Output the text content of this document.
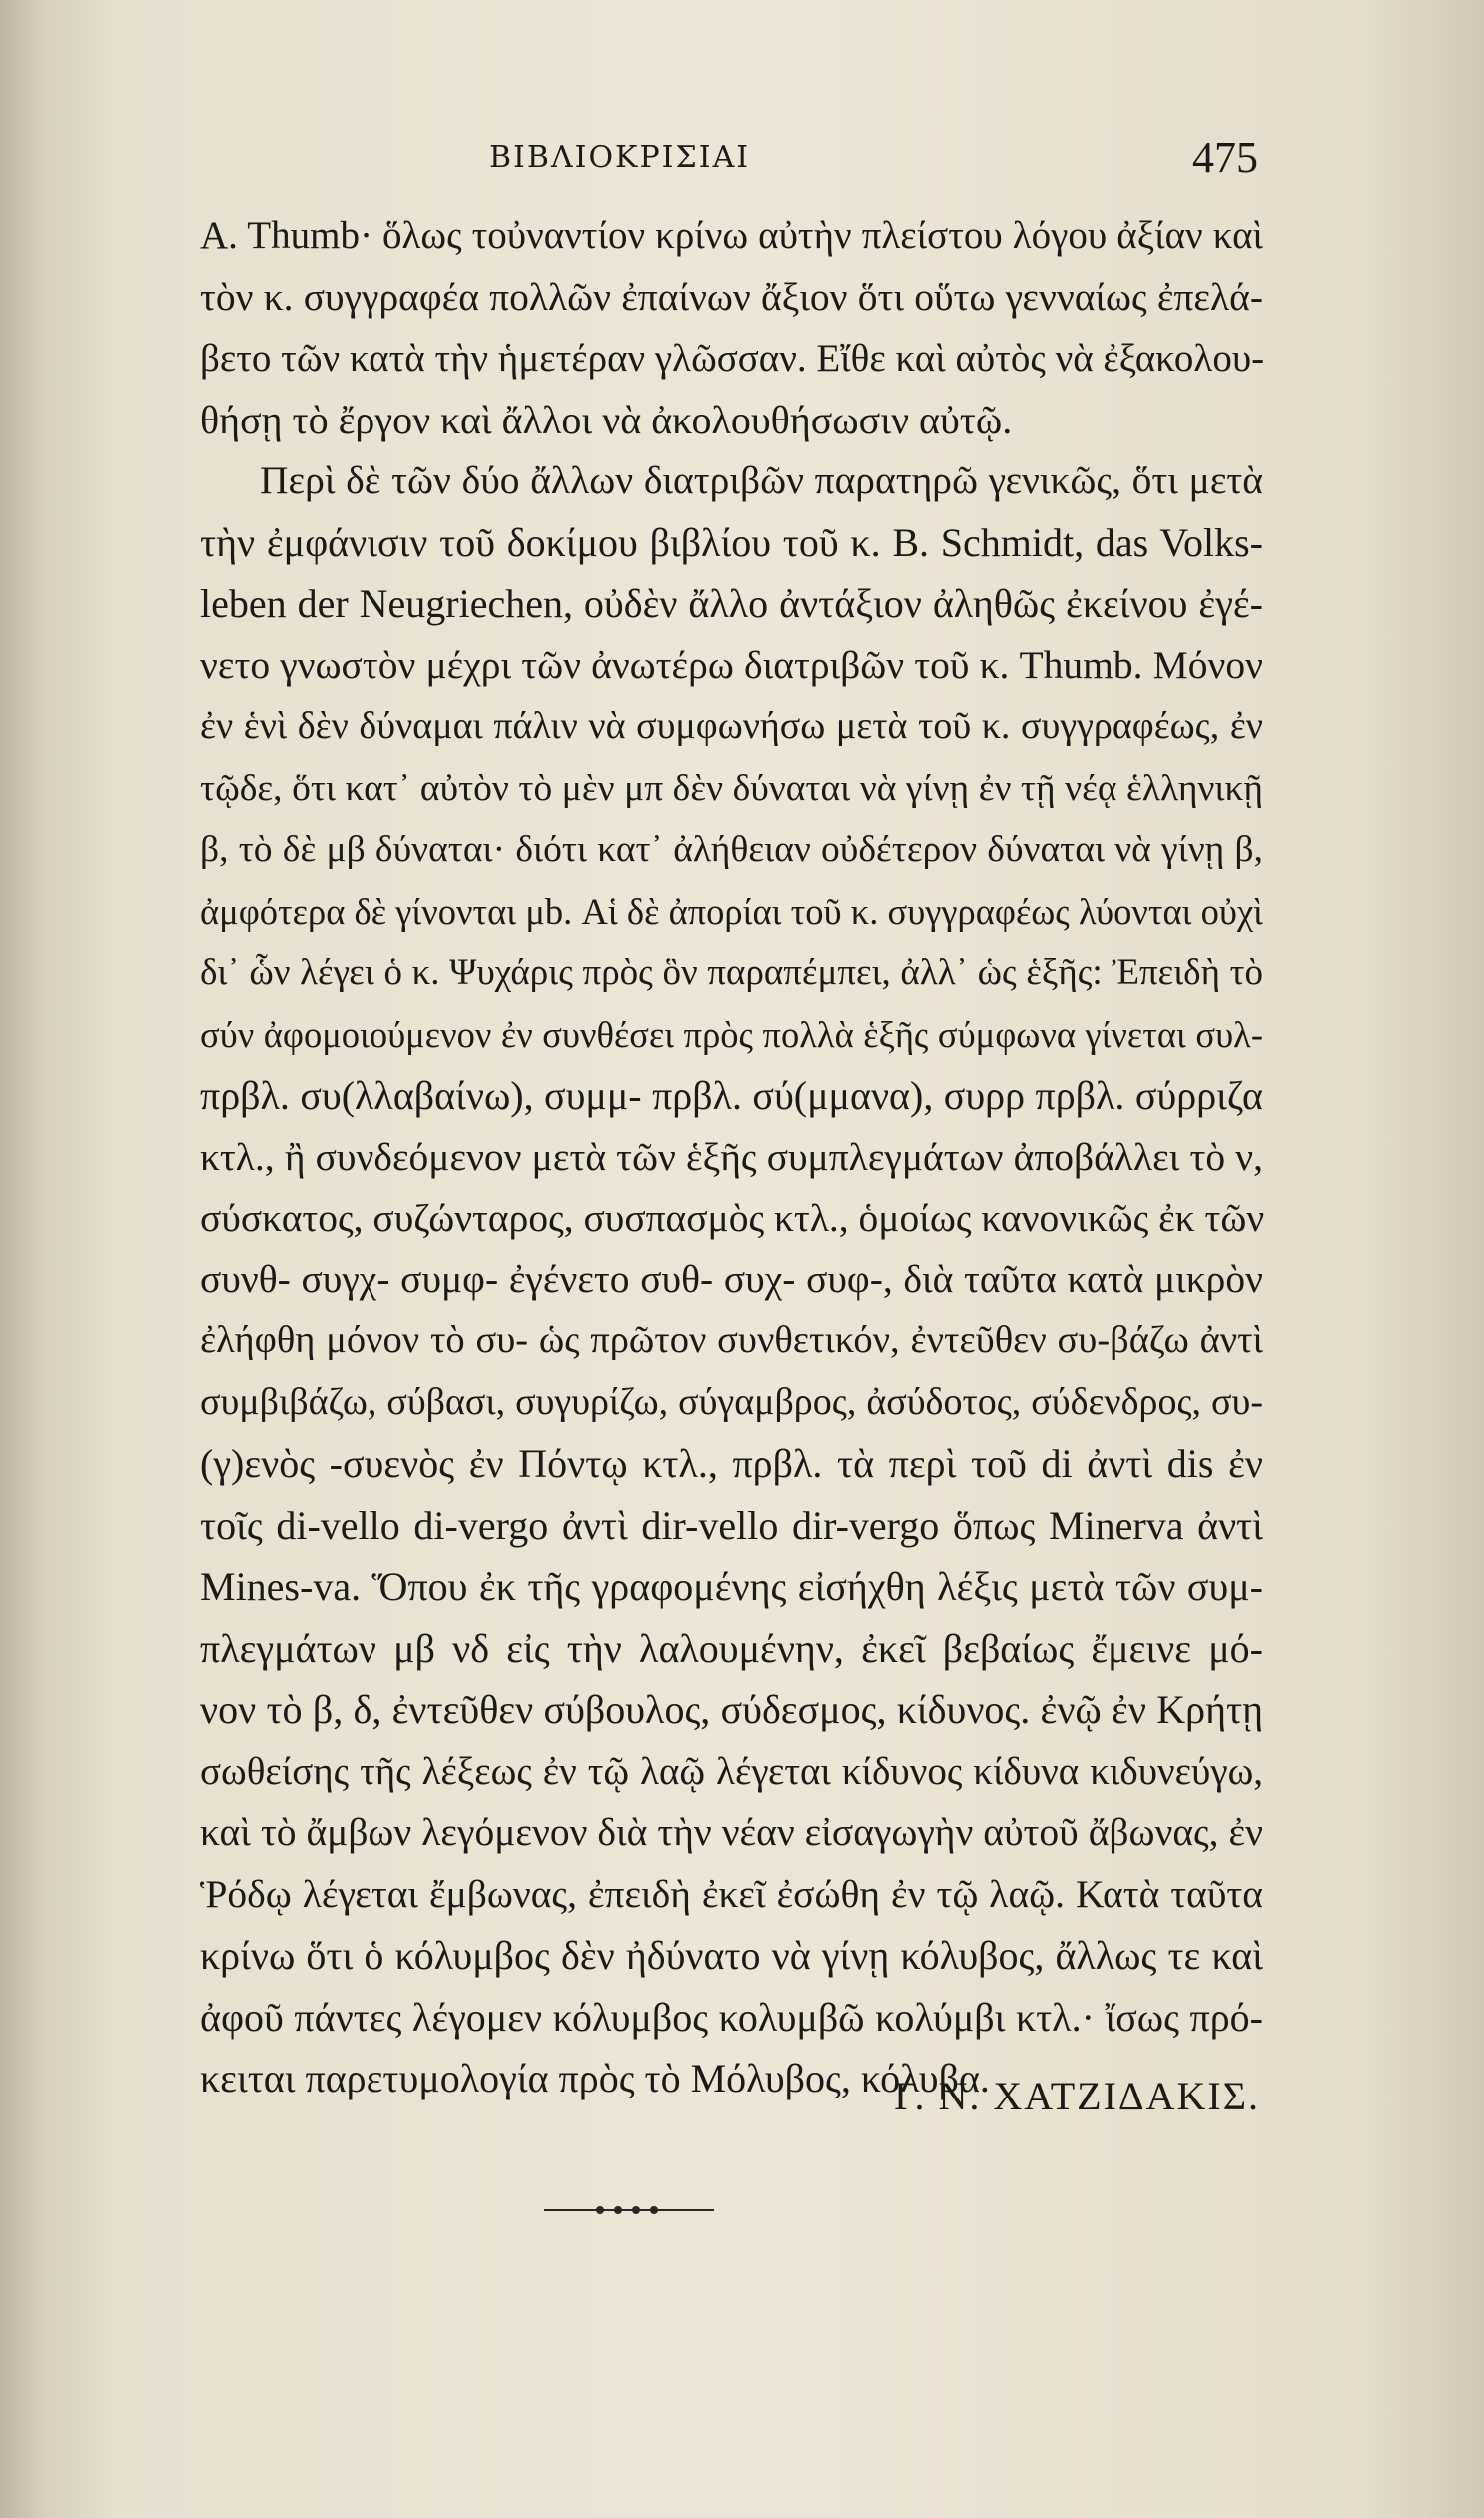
ΒΙΒΛΙΟΚΡΙΣΙΑΙ	475
A. Thumb· ὅλως τοὐναντίον κρίνω αὐτὴν πλείστου λόγου ἀξίαν καὶ
τὸν κ. συγγραφέα πολλῶν ἐπαίνων ἄξιον ὅτι οὕτω γενναίως ἐπελά-
βετο τῶν κατὰ τὴν ἡμετέραν γλῶσσαν. Εἴθε καὶ αὐτὸς νὰ ἐξακολου-
θήσῃ τὸ ἔργον καὶ ἄλλοι νὰ ἀκολουθήσωσιν αὐτῷ.
Περὶ δὲ τῶν δύο ἄλλων διατριβῶν παρατηρῶ γενικῶς, ὅτι μετὰ
τὴν ἐμφάνισιν τοῦ δοκίμου βιβλίου τοῦ κ. B. Schmidt, das Volks-
leben der Neugriechen, οὐδὲν ἄλλο ἀντάξιον ἀληθῶς ἐκείνου ἐγέ-
νετο γνωστὸν μέχρι τῶν ἀνωτέρω διατριβῶν τοῦ κ. Thumb. Μόνον
ἐν ἑνὶ δὲν δύναμαι πάλιν νὰ συμφωνήσω μετὰ τοῦ κ. συγγραφέως, ἐν
τῷδε, ὅτι κατ᾿ αὐτὸν τὸ μὲν μπ δὲν δύναται νὰ γίνῃ ἐν τῇ νέᾳ ἑλληνικῇ
β, τὸ δὲ μβ δύναται· διότι κατ᾿ ἀλήθειαν οὐδέτερον δύναται νὰ γίνῃ β,
ἀμφότερα δὲ γίνονται μb. Αἱ δὲ ἀπορίαι τοῦ κ. συγγραφέως λύονται οὐχὶ
δι᾿ ὧν λέγει ὁ κ. Ψυχάρις πρὸς ὃν παραπέμπει, ἀλλ᾿ ὡς ἑξῆς: Ἐπειδὴ τὸ
σύν ἀφομοιούμενον ἐν συνθέσει πρὸς πολλὰ ἑξῆς σύμφωνα γίνεται συλ-
πρβλ. συ(λλαβαίνω), συμμ- πρβλ. σύ(μμανα), συρρ πρβλ. σύρριζα
κτλ., ἢ συνδεόμενον μετὰ τῶν ἑξῆς συμπλεγμάτων ἀποβάλλει τὸ ν,
σύσκατος, συζώνταρος, συσπασμὸς κτλ., ὁμοίως κανονικῶς ἐκ τῶν
συνθ- συγχ- συμφ- ἐγένετο συθ- συχ- συφ-, διὰ ταῦτα κατὰ μικρὸν
ἐλήφθη μόνον τὸ συ- ὡς πρῶτον συνθετικόν, ἐντεῦθεν συ-βάζω ἀντὶ
συμβιβάζω, σύβασι, συγυρίζω, σύγαμβρος, ἀσύδοτος, σύδενδρος, συ-
(γ)ενὸς -συενὸς ἐν Πόντῳ κτλ., πρβλ. τὰ περὶ τοῦ di ἀντὶ dis ἐν
τοῖς di-vello di-vergo ἀντὶ dir-vello dir-vergo ὅπως Minerva ἀντὶ
Mines-va. Ὅπου ἐκ τῆς γραφομένης εἰσήχθη λέξις μετὰ τῶν συμ-
πλεγμάτων μβ νδ εἰς τὴν λαλουμένην, ἐκεῖ βεβαίως ἔμεινε μό-
νον τὸ β, δ, ἐντεῦθεν σύβουλος, σύδεσμος, κίδυνος. ἐνῷ ἐν Κρήτῃ
σωθείσης τῆς λέξεως ἐν τῷ λαῷ λέγεται κίδυνος κίδυνα κιδυνεύγω,
καὶ τὸ ἄμβων λεγόμενον διὰ τὴν νέαν εἰσαγωγὴν αὐτοῦ ἄβωνας, ἐν
Ῥόδῳ λέγεται ἔμβωνας, ἐπειδὴ ἐκεῖ ἐσώθη ἐν τῷ λαῷ. Κατὰ ταῦτα
κρίνω ὅτι ὁ κόλυμβος δὲν ἠδύνατο νὰ γίνῃ κόλυβος, ἄλλως τε καὶ
ἀφοῦ πάντες λέγομεν κόλυμβος κολυμβῶ κολύμβι κτλ.· ἴσως πρό-
κειται παρετυμολογία πρὸς τὸ Μόλυβος, κόλυβα.
Γ. Ν. ΧΑΤΖΙΔΑΚΙΣ.
